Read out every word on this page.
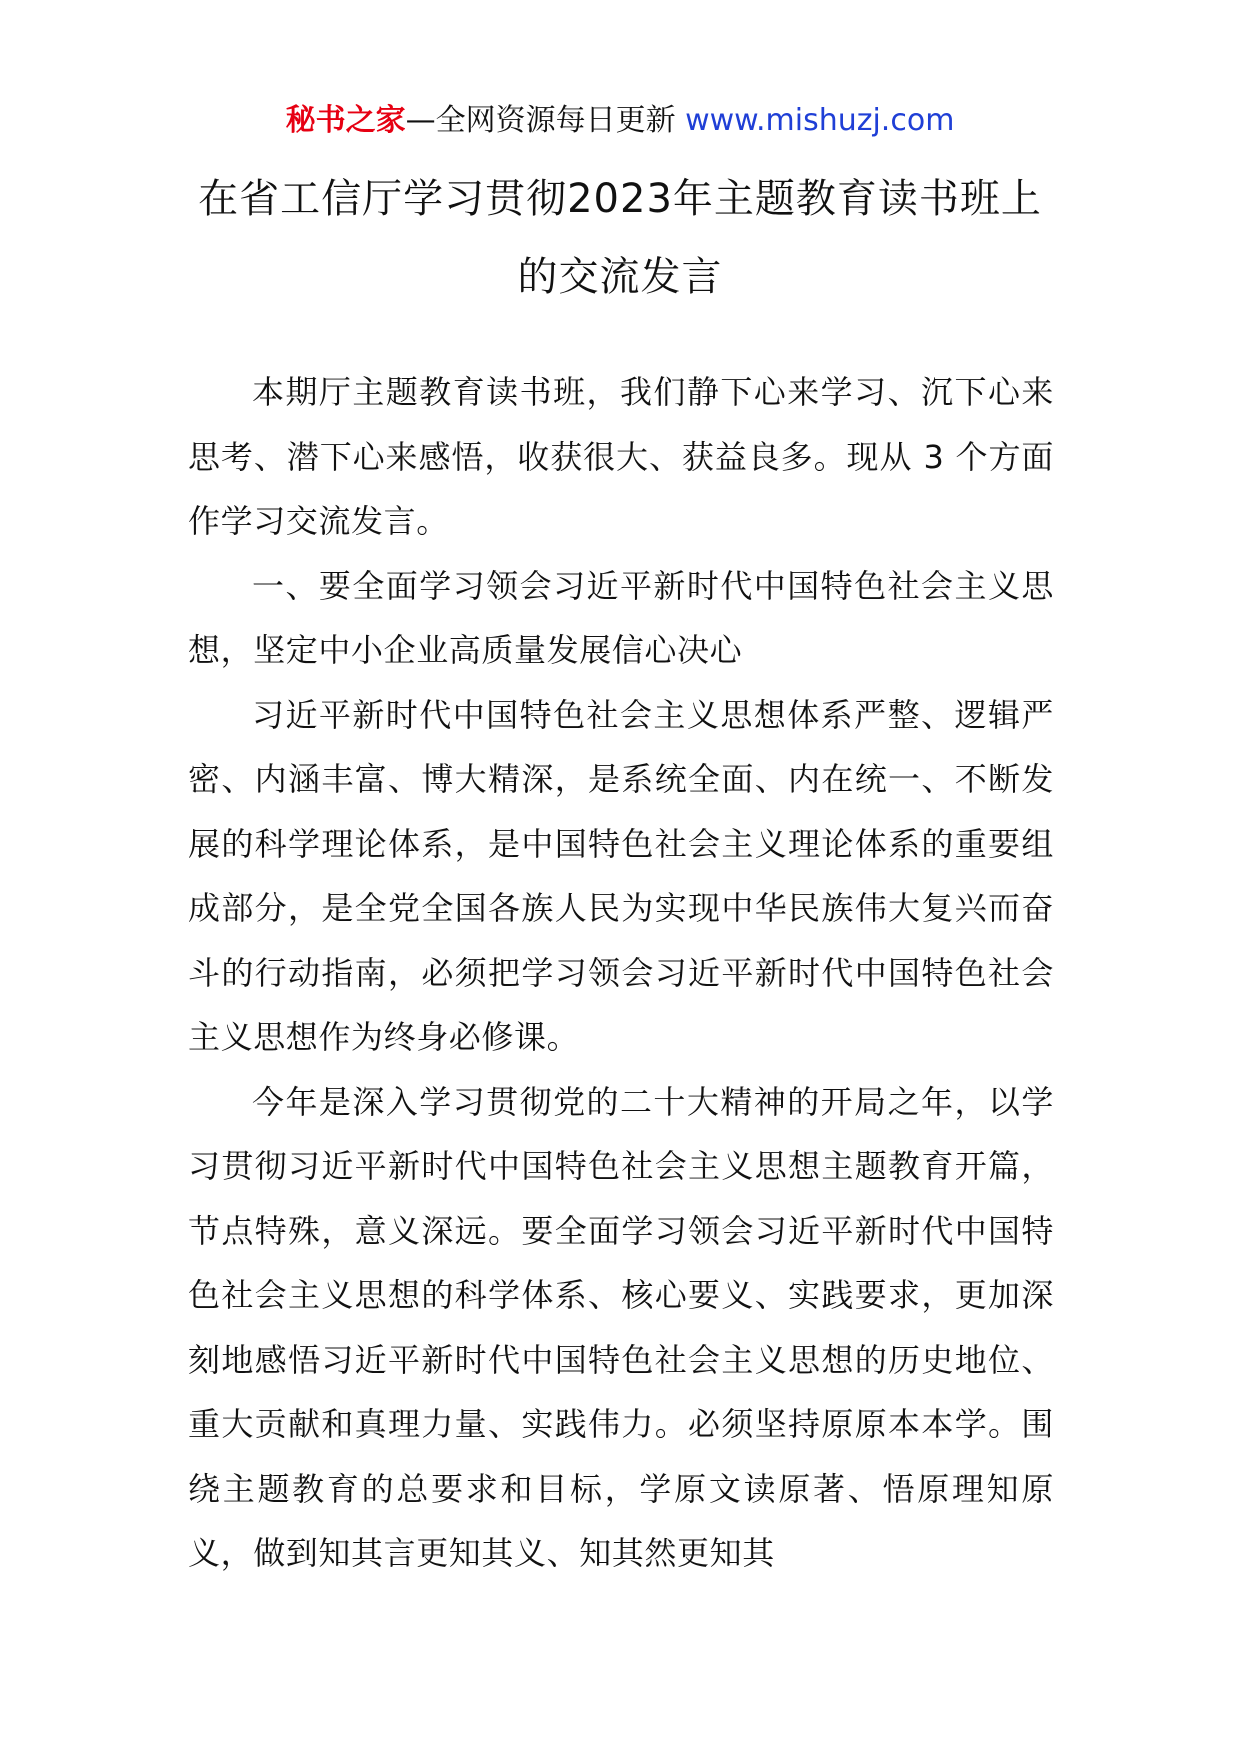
秘书之家—全网资源每日更新 www.mishuzj.com
在省工信厅学习贯彻2023年主题教育读书班上的交流发言

本期厅主题教育读书班，我们静下心来学习、沉下心来思考、潜下心来感悟，收获很大、获益良多。现从 3 个方面作学习交流发言。

一、要全面学习领会习近平新时代中国特色社会主义思想，坚定中小企业高质量发展信心决心

习近平新时代中国特色社会主义思想体系严整、逻辑严密、内涵丰富、博大精深，是系统全面、内在统一、不断发展的科学理论体系，是中国特色社会主义理论体系的重要组成部分，是全党全国各族人民为实现中华民族伟大复兴而奋斗的行动指南，必须把学习领会习近平新时代中国特色社会主义思想作为终身必修课。

今年是深入学习贯彻党的二十大精神的开局之年，以学习贯彻习近平新时代中国特色社会主义思想主题教育开篇，节点特殊，意义深远。要全面学习领会习近平新时代中国特色社会主义思想的科学体系、核心要义、实践要求，更加深刻地感悟习近平新时代中国特色社会主义思想的历史地位、重大贡献和真理力量、实践伟力。必须坚持原原本本学。围绕主题教育的总要求和目标，学原文读原著、悟原理知原义，做到知其言更知其义、知其然更知其
